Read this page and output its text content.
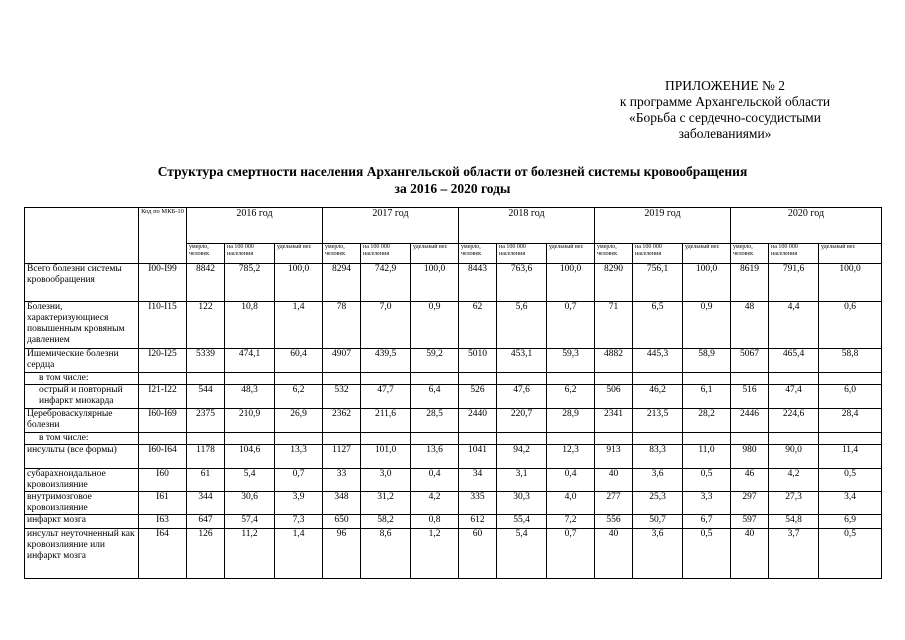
ПРИЛОЖЕНИЕ № 2
к программе Архангельской области
«Борьба с сердечно-сосудистыми
заболеваниями»
Структура смертности населения Архангельской области от болезней системы кровообращения
за 2016 – 2020 годы
	Код по МКБ-10	2016 год			2017 год			2018 год			2019 год			2020 год		
		умерло, человек	на 100 000 населения	удельный вес	умерло, человек	на 100 000 населения	удельный вес	умерло, человек	на 100 000 населения	удельный вес	умерло, человек	на 100 000 населения	удельный вес	умерло, человек	на 100 000 населения	удельный вес
Всего болезни системы кровообращения	I00-I99	8842	785,2	100,0	8294	742,9	100,0	8443	763,6	100,0	8290	756,1	100,0	8619	791,6	100,0
Болезни, характеризующиеся повышенным кровяным давлением	I10-I15	122	10,8	1,4	78	7,0	0,9	62	5,6	0,7	71	6,5	0,9	48	4,4	0,6
Ишемические болезни сердца	I20-I25	5339	474,1	60,4	4907	439,5	59,2	5010	453,1	59,3	4882	445,3	58,9	5067	465,4	58,8
в том числе:																
острый и повторный инфаркт миокарда	I21-I22	544	48,3	6,2	532	47,7	6,4	526	47,6	6,2	506	46,2	6,1	516	47,4	6,0
Цереброваскулярные болезни	I60-I69	2375	210,9	26,9	2362	211,6	28,5	2440	220,7	28,9	2341	213,5	28,2	2446	224,6	28,4
в том числе:																
инсульты (все формы)	I60-I64	1178	104,6	13,3	1127	101,0	13,6	1041	94,2	12,3	913	83,3	11,0	980	90,0	11,4
субарахноидальное кровоизлияние	I60	61	5,4	0,7	33	3,0	0,4	34	3,1	0,4	40	3,6	0,5	46	4,2	0,5
внутримозговое кровоизлияние	I61	344	30,6	3,9	348	31,2	4,2	335	30,3	4,0	277	25,3	3,3	297	27,3	3,4
инфаркт мозга	I63	647	57,4	7,3	650	58,2	0,8	612	55,4	7,2	556	50,7	6,7	597	54,8	6,9
инсульт неуточненный как кровоизлияние или инфаркт мозга	I64	126	11,2	1,4	96	8,6	1,2	60	5,4	0,7	40	3,6	0,5	40	3,7	0,5
